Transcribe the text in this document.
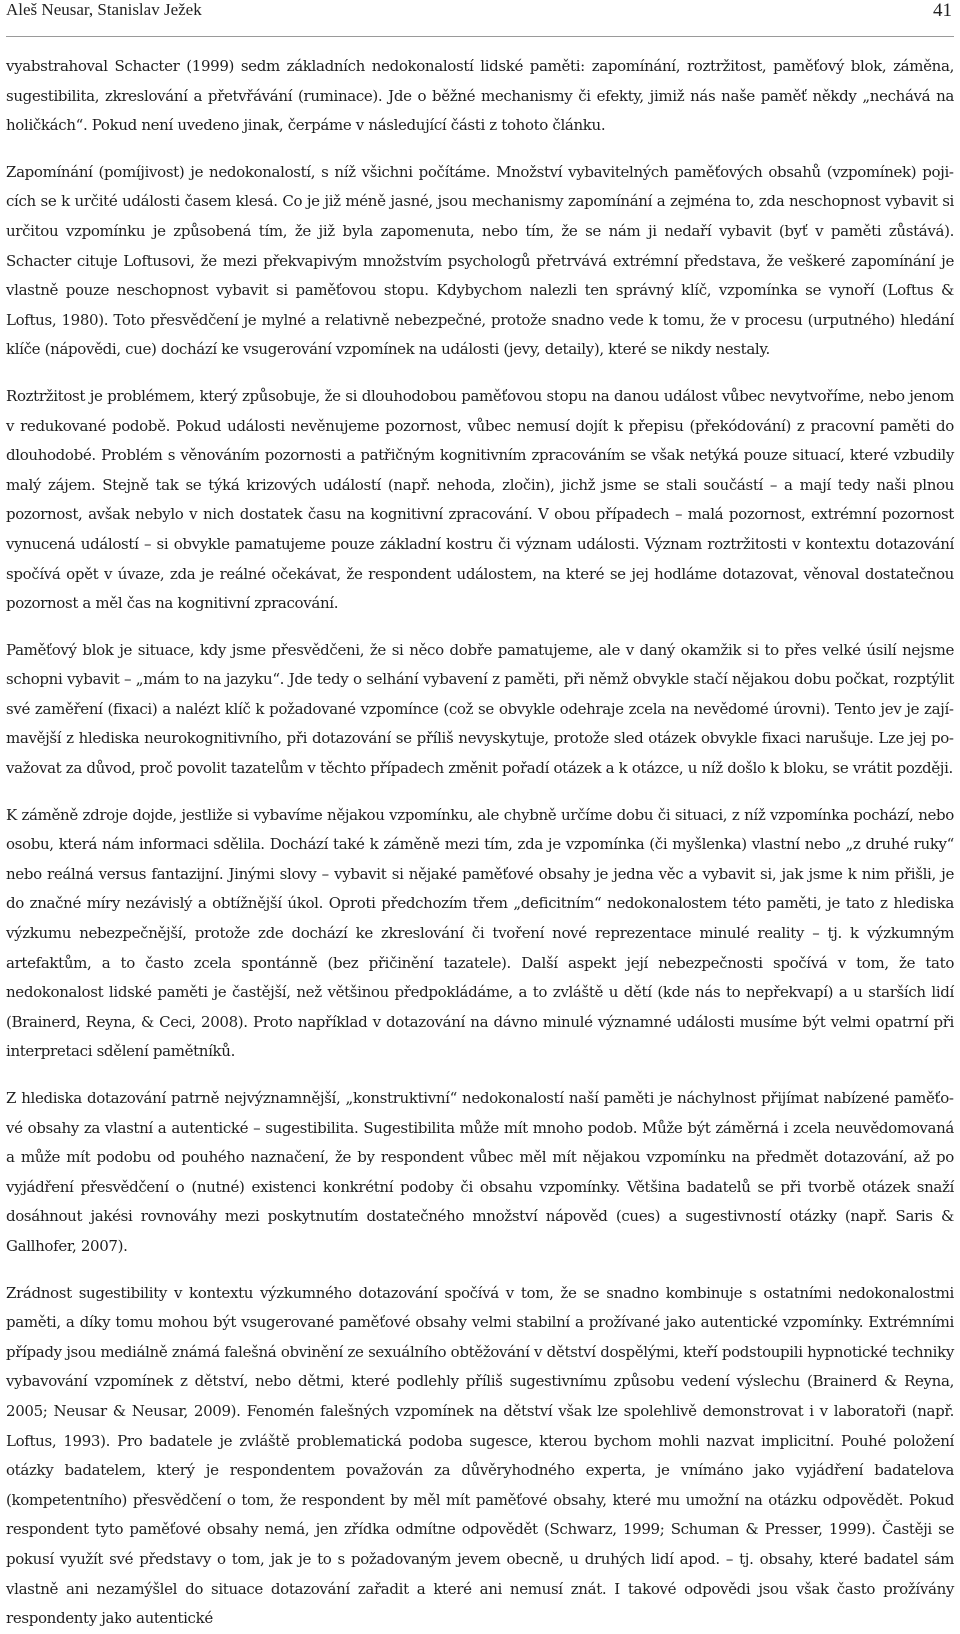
Aleš Neusar, Stanislav Ježek	41

vyabstrahoval Schacter (1999) sedm základních nedokonalostí lidské paměti: zapomínání, roztržitost, paměťový blok, záměna, sugestibilita, zkreslování a přetvřávání (ruminace). Jde o běžné mechanismy či efekty, jimiž nás naše paměť někdy „nechává na holičkách“. Pokud není uvedeno jinak, čerpáme v následující části z tohoto článku.

Zapomínání (pomíjivost) je nedokonalostí, s níž všichni počítáme. Množství vybavitelných paměťových obsahů (vzpomínek) pojicích se k určité události časem klesá. Co je již méně jasné, jsou mechanismy zapomínání a zejména to, zda neschopnost vybavit si určitou vzpomínku je způsobená tím, že již byla zapomenuta, nebo tím, že se nám ji nedaří vybavit (byť v paměti zůstává). Schacter cituje Loftusovi, že mezi překvapivým množstvím psychologů přetrvává extrémní představa, že veškeré zapomínání je vlastně pouze neschopnost vybavit si paměťovou stopu. Kdybychom nalezli ten správný klíč, vzpomínka se vynoří (Loftus & Loftus, 1980). Toto přesvědčení je mylné a relativně nebezpečné, protože snadno vede k tomu, že v procesu (urputného) hledání klíče (nápovědi, cue) dochází ke vsugerování vzpomínek na události (jevy, detaily), které se nikdy nestaly.

Roztržitost je problémem, který způsobuje, že si dlouhodobou paměťovou stopu na danou událost vůbec nevytvoříme, nebo jenom v redukované podobě. Pokud události nevěnujeme pozornost, vůbec nemusí dojít k přepisu (překódování) z pracovní paměti do dlouhodobé. Problém s věnováním pozornosti a patřičným kognitivním zpracováním se však netýká pouze situací, které vzbudily malý zájem. Stejně tak se týká krizových událostí (např. nehoda, zločin), jichž jsme se stali součástí – a mají tedy naši plnou pozornost, avšak nebylo v nich dostatek času na kognitivní zpracování. V obou případech – malá pozornost, extrémní pozornost vynucená událostí – si obvykle pamatujeme pouze základní kostru či význam události. Význam roztržitosti v kontextu dotazování spočívá opět v úvaze, zda je reálné očekávat, že respondent událostem, na které se jej hodláme dotazovat, věnoval dostatečnou pozornost a měl čas na kognitivní zpracování.

Paměťový blok je situace, kdy jsme přesvědčeni, že si něco dobře pamatujeme, ale v daný okamžik si to přes velké úsilí nejsme schopni vybavit – „mám to na jazyku“. Jde tedy o selhání vybavení z paměti, při němž obvykle stačí nějakou dobu počkat, rozptýlit své zaměření (fixaci) a nalézt klíč k požadované vzpomínce (což se obvykle odehraje zcela na nevědomé úrovni). Tento jev je zajímavější z hlediska neurokognitivního, při dotazování se příliš nevyskytuje, protože sled otázek obvykle fixaci narušuje. Lze jej považovat za důvod, proč povolit tazatelům v těchto případech změnit pořadí otázek a k otázce, u níž došlo k bloku, se vrátit později.

K záměně zdroje dojde, jestliže si vybavíme nějakou vzpomínku, ale chybně určíme dobu či situaci, z níž vzpomínka pochází, nebo osobu, která nám informaci sdělila. Dochází také k záměně mezi tím, zda je vzpomínka (či myšlenka) vlastní nebo „z druhé ruky“ nebo reálná versus fantazijní. Jinými slovy – vybavit si nějaké paměťové obsahy je jedna věc a vybavit si, jak jsme k nim přišli, je do značné míry nezávislý a obtížnější úkol. Oproti předchozím třem „deficitním“ nedokonalostem této paměti, je tato z hlediska výzkumu nebezpečnější, protože zde dochází ke zkreslování či tvoření nové reprezentace minulé reality – tj. k výzkumným artefaktům, a to často zcela spontánně (bez přičinění tazatele). Další aspekt její nebezpečnosti spočívá v tom, že tato nedokonalost lidské paměti je častější, než většinou předpokládáme, a to zvláště u dětí (kde nás to nepřekvapí) a u starších lidí (Brainerd, Reyna, & Ceci, 2008). Proto například v dotazování na dávno minulé významné události musíme být velmi opatrní při interpretaci sdělení pamětníků.

Z hlediska dotazování patrně nejvýznamnější, „konstruktivní“ nedokonalostí naší paměti je náchylnost přijímat nabízené paměťové obsahy za vlastní a autentické – sugestibilita. Sugestibilita může mít mnoho podob. Může být záměrná i zcela neuvědomovaná a může mít podobu od pouhého naznačení, že by respondent vůbec měl mít nějakou vzpomínku na předmět dotazování, až po vyjádření přesvědčení o (nutné) existenci konkrétní podoby či obsahu vzpomínky. Většina badatelů se při tvorbě otázek snaží dosáhnout jakési rovnováhy mezi poskytnutím dostatečného množství nápověd (cues) a sugestivností otázky (např. Saris & Gallhofer, 2007).

Zrádnost sugestibility v kontextu výzkumného dotazování spočívá v tom, že se snadno kombinuje s ostatními nedokonalostmi paměti, a díky tomu mohou být vsugerované paměťové obsahy velmi stabilní a prožívané jako autentické vzpomínky. Extrémními případy jsou mediálně známá falešná obvinění ze sexuálního obtěžování v dětství dospělými, kteří podstoupili hypnotické techniky vybavování vzpomínek z dětství, nebo dětmi, které podlehly příliš sugestivnímu způsobu vedení výslechu (Brainerd & Reyna, 2005; Neusar & Neusar, 2009). Fenomén falešných vzpomínek na dětství však lze spolehlivě demonstrovat i v laboratoři (např. Loftus, 1993). Pro badatele je zvláště problematická podoba sugesce, kterou bychom mohli nazvat implicitní. Pouhé položení otázky badatelem, který je respondentem považován za důvěryhodného experta, je vnímáno jako vyjádření badatelova (kompetentního) přesvědčení o tom, že respondent by měl mít paměťové obsahy, které mu umožní na otázku odpovědět. Pokud respondent tyto paměťové obsahy nemá, jen zřídka odmítne odpovědět (Schwarz, 1999; Schuman & Presser, 1999). Častěji se pokusí využít své představy o tom, jak je to s požadovaným jevem obecně, u druhých lidí apod. – tj. obsahy, které badatel sám vlastně ani nezamýšlel do situace dotazování zařadit a které ani nemusí znát. I takové odpovědi jsou však často prožívány respondenty jako autentické
